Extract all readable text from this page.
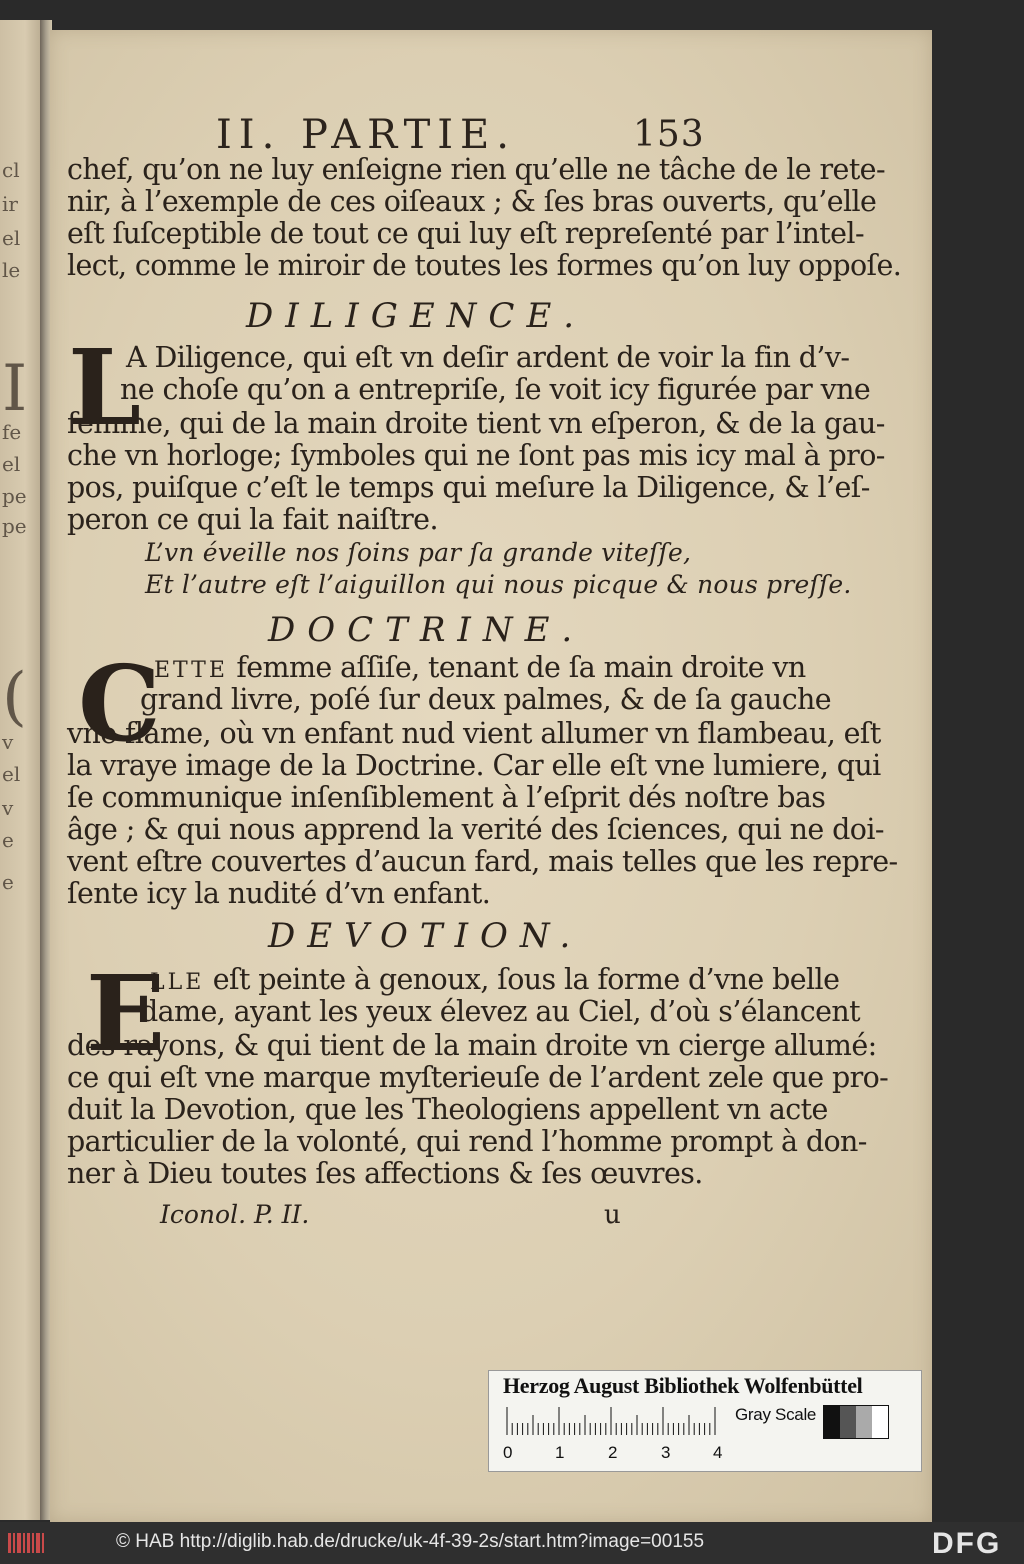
cl
ir
el
le
I
fe
el
pe
pe
(
v
el
v
e
e
II. PARTIE.	153
chef, qu’on ne luy enſeigne rien qu’elle ne tâche de le rete-
nir, à l’exemple de ces oiſeaux ; & ſes bras ouverts, qu’elle
eſt ſuſceptible de tout ce qui luy eſt repreſenté par l’intel-
lect, comme le miroir de toutes les formes qu’on luy oppoſe.
DILIGENCE.
L
A Diligence, qui eſt vn deſir ardent de voir la fin d’v-
ne choſe qu’on a entrepriſe, ſe voit icy figurée par vne
femme, qui de la main droite tient vn eſperon, & de la gau-
che vn horloge; ſymboles qui ne ſont pas mis icy mal à pro-
pos, puiſque c’eſt le temps qui meſure la Diligence, & l’eſ-
peron ce qui la fait naiſtre.
L’vn éveille nos ſoins par ſa grande viteſſe,
Et l’autre eſt l’aiguillon qui nous picque & nous preſſe.
DOCTRINE.
C
ETTE femme aſſiſe, tenant de ſa main droite vn
grand livre, poſé ſur deux palmes, & de ſa gauche
vne flame, où vn enfant nud vient allumer vn flambeau, eſt
la vraye image de la Doctrine. Car elle eſt vne lumiere, qui
ſe communique inſenſiblement à l’eſprit dés noſtre bas
âge ; & qui nous apprend la verité des ſciences, qui ne doi-
vent eſtre couvertes d’aucun fard, mais telles que les repre-
ſente icy la nudité d’vn enfant.
DEVOTION.
E
LLE eſt peinte à genoux, ſous la forme d’vne belle
dame, ayant les yeux élevez au Ciel, d’où s’élancent
des rayons, & qui tient de la main droite vn cierge allumé:
ce qui eſt vne marque myſterieuſe de l’ardent zele que pro-
duit la Devotion, que les Theologiens appellent vn acte
particulier de la volonté, qui rend l’homme prompt à don-
ner à Dieu toutes ſes affections & ſes œuvres.
Iconol. P. II.	u
Herzog August Bibliothek Wolfenbüttel
0	1	2	3	4
Gray Scale
© HAB http://diglib.hab.de/drucke/uk-4f-39-2s/start.htm?image=00155	DFG
